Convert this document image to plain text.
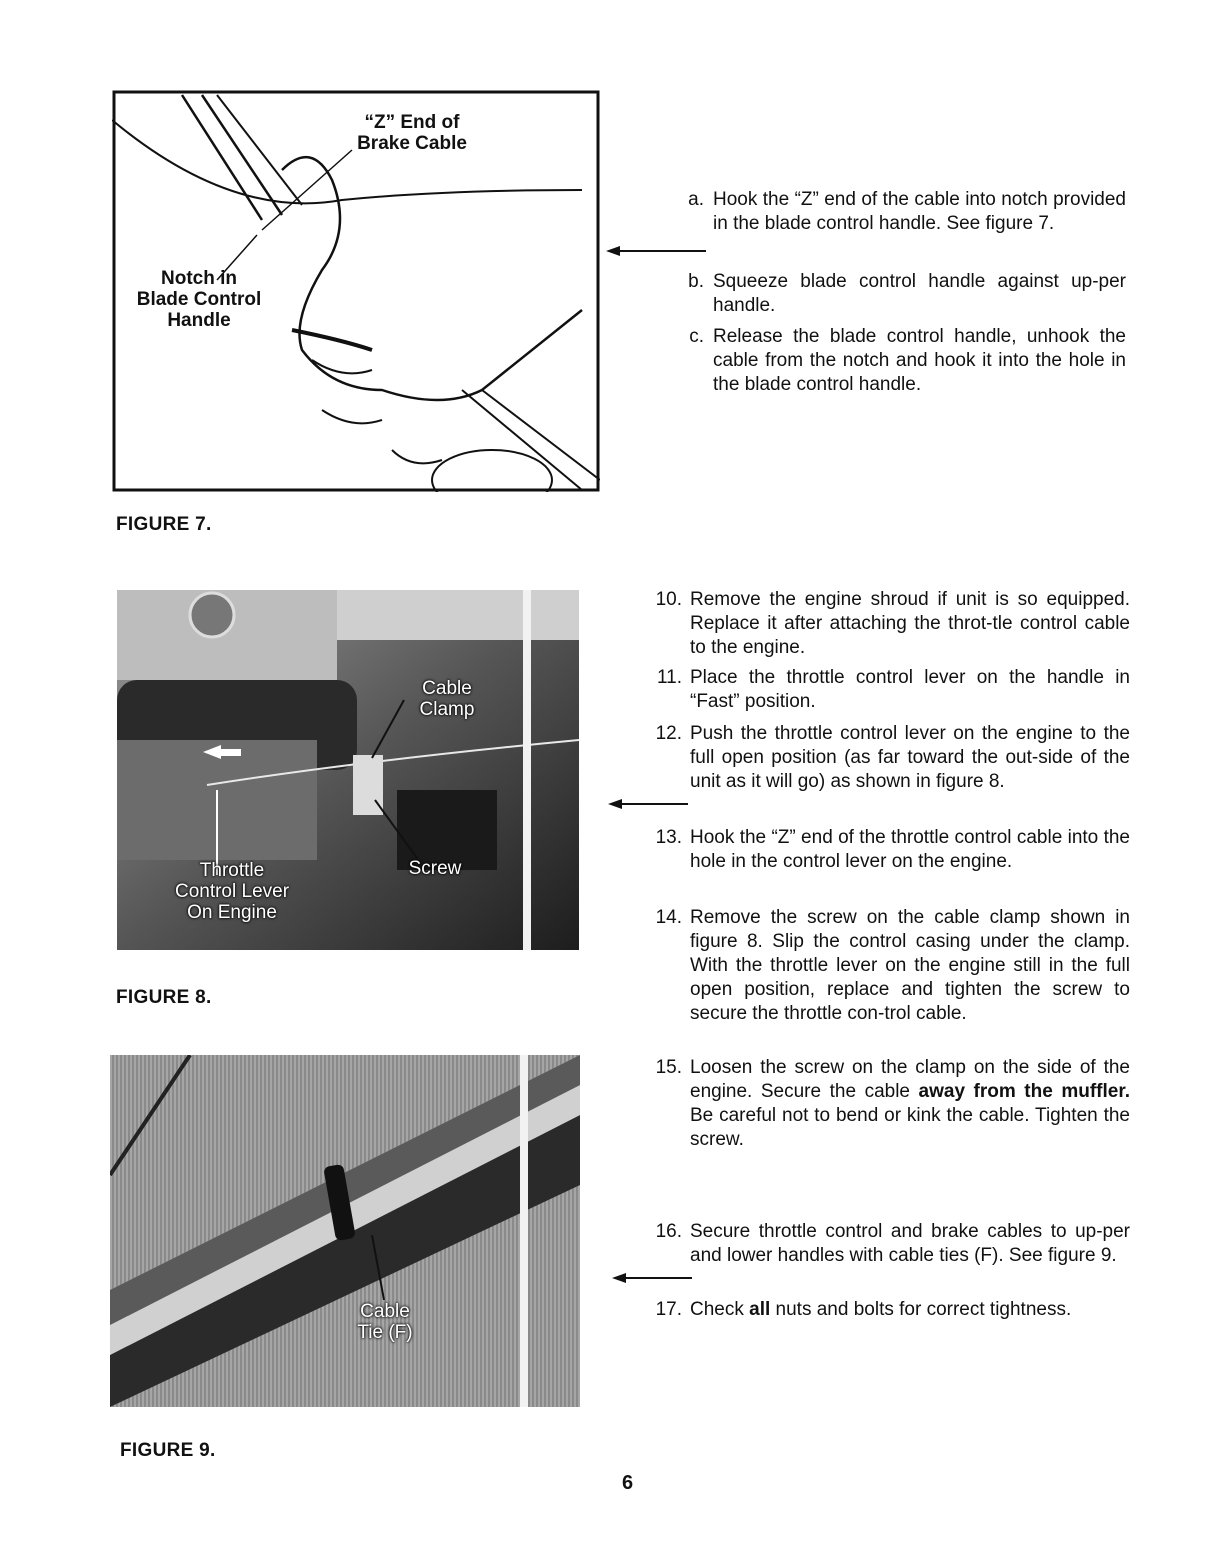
“Z” End of
Brake Cable
Notch in
Blade Control
Handle
FIGURE 7.
a. Hook the “Z” end of the cable into notch provided in the blade control handle. See figure 7.
b. Squeeze blade control handle against up-per handle.
c. Release the blade control handle, unhook the cable from the notch and hook it into the hole in the blade control handle.
Cable
Clamp
Throttle
Control Lever
On Engine
Screw
FIGURE 8.
Cable
Tie (F)
FIGURE 9.
10. Remove the engine shroud if unit is so equipped. Replace it after attaching the throt-tle control cable to the engine.
11. Place the throttle control lever on the handle in “Fast” position.
12. Push the throttle control lever on the engine to the full open position (as far toward the out-side of the unit as it will go) as shown in figure 8.
13. Hook the “Z” end of the throttle control cable into the hole in the control lever on the engine.
14. Remove the screw on the cable clamp shown in figure 8. Slip the control casing under the clamp. With the throttle lever on the engine still in the full open position, replace and tighten the screw to secure the throttle con-trol cable.
15. Loosen the screw on the clamp on the side of the engine. Secure the cable away from the muffler. Be careful not to bend or kink the cable. Tighten the screw.
16. Secure throttle control and brake cables to up-per and lower handles with cable ties (F). See figure 9.
17. Check all nuts and bolts for correct tightness.
6
